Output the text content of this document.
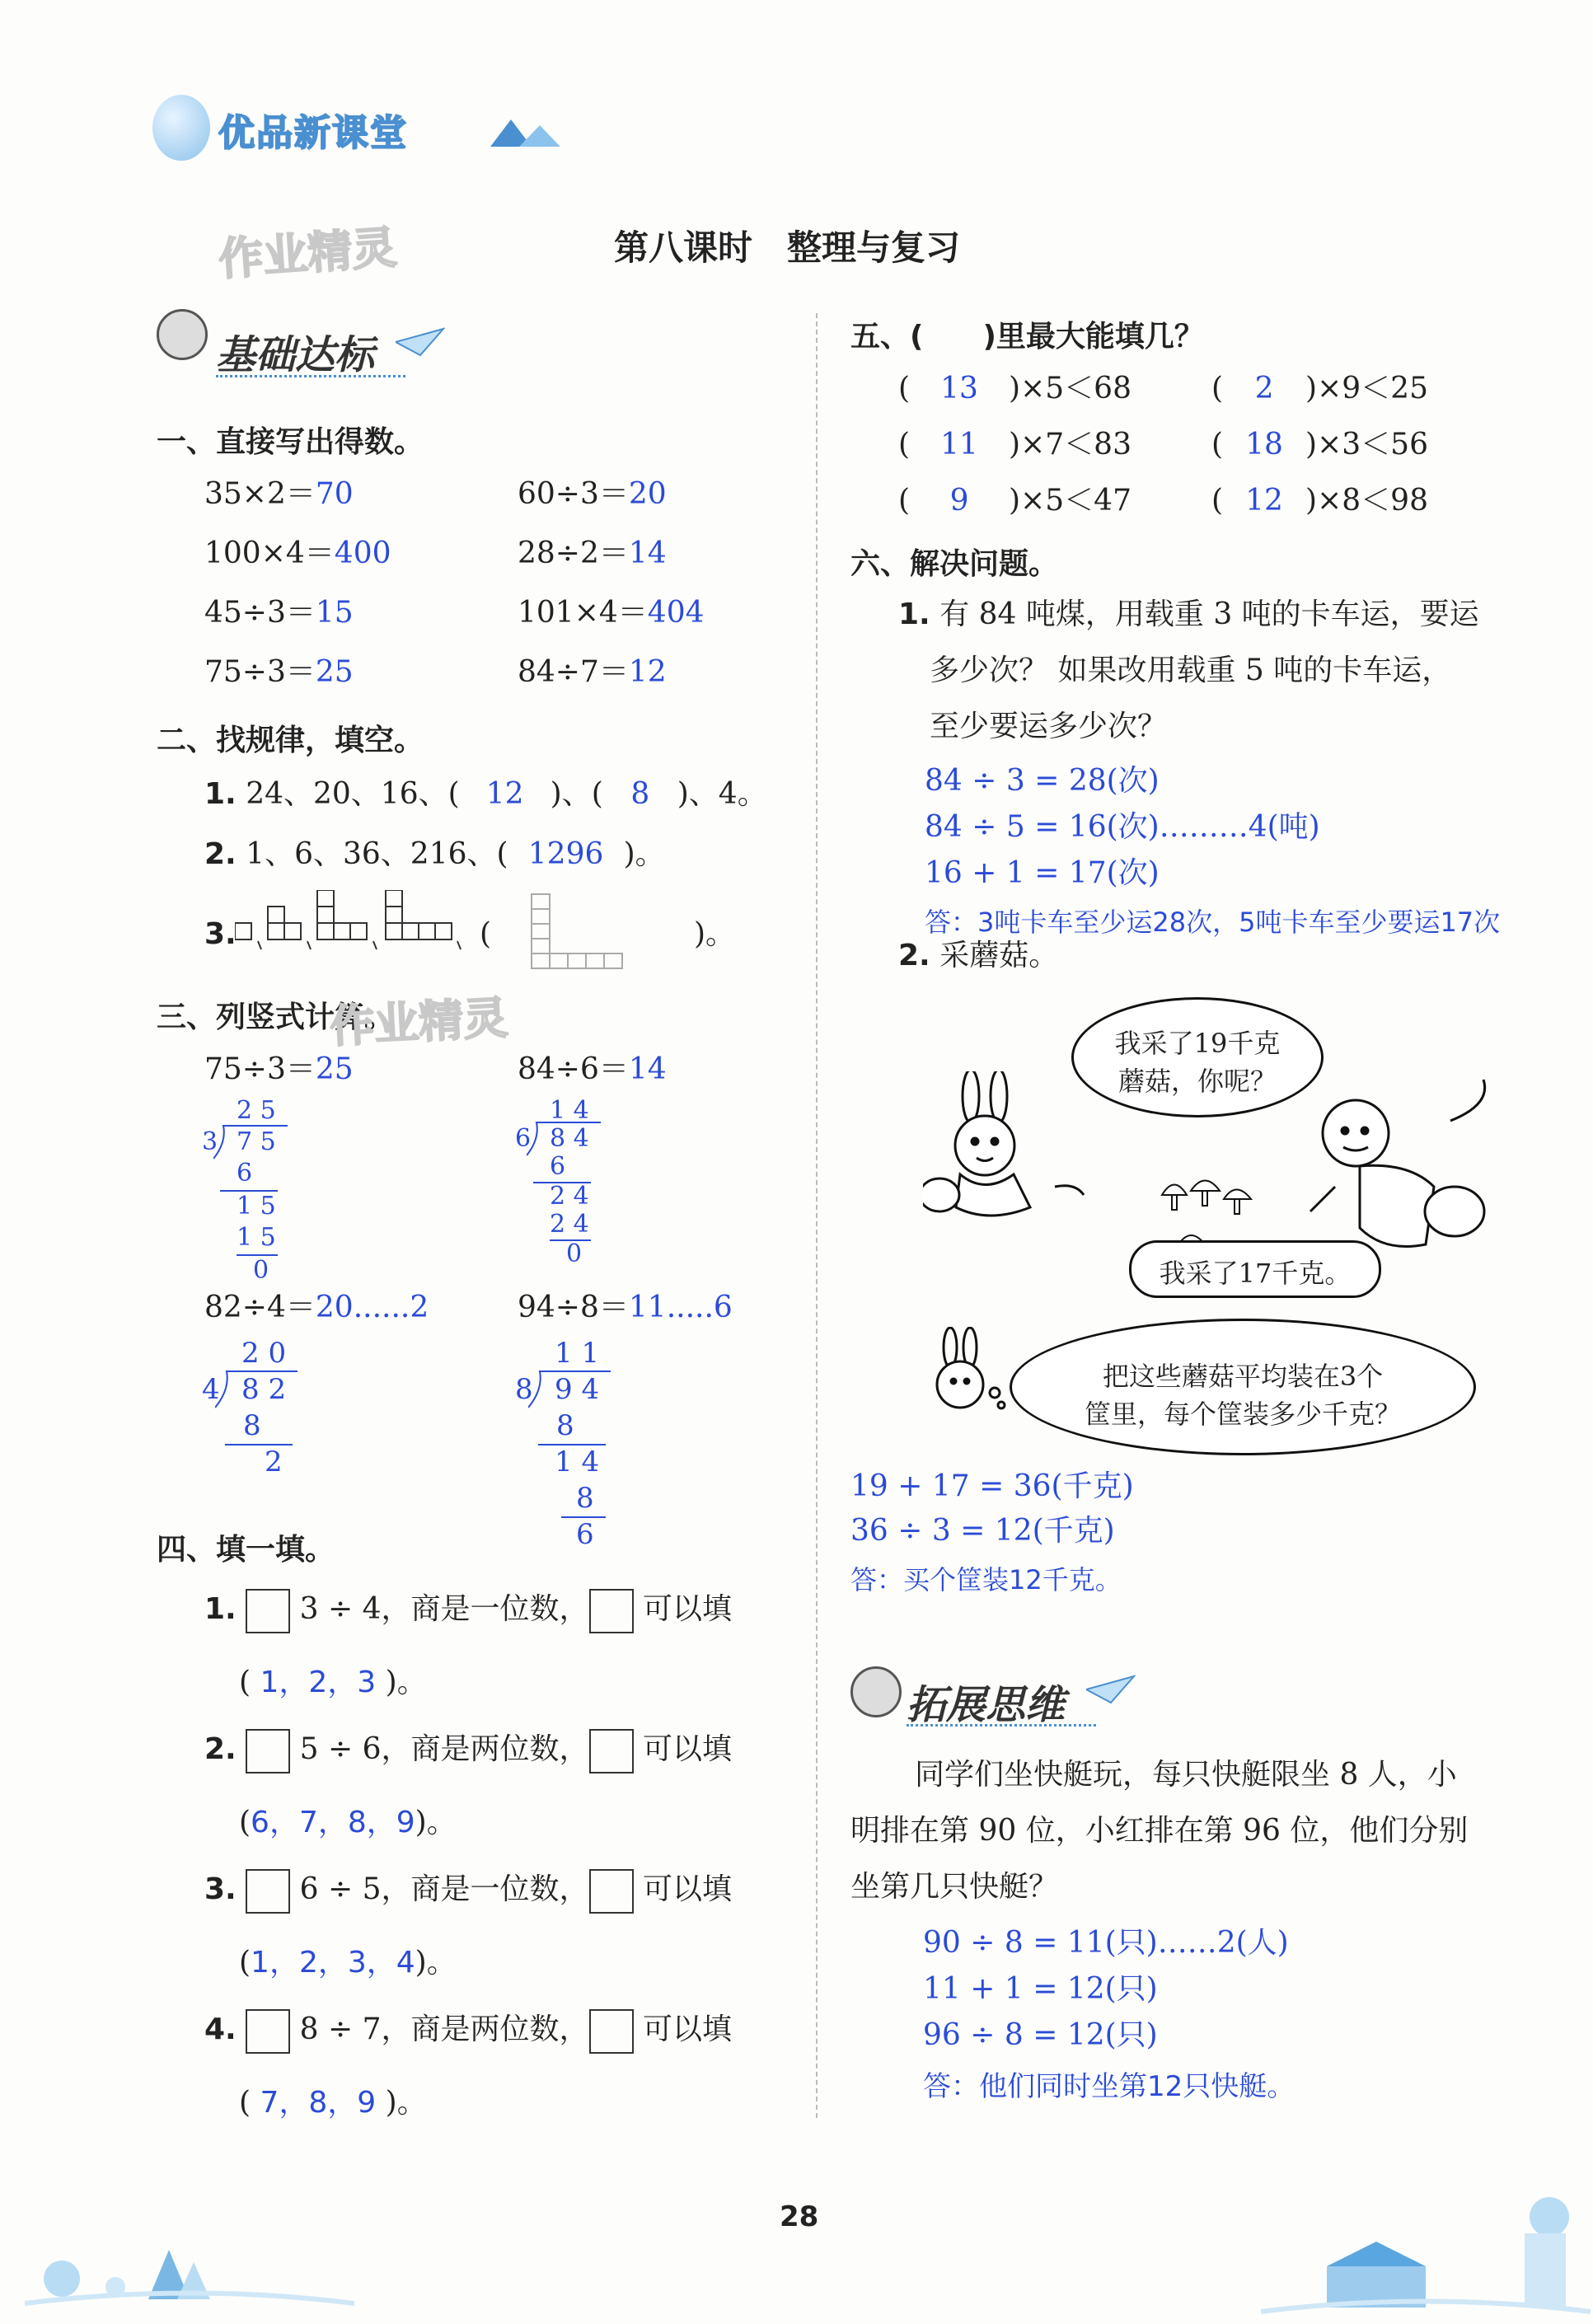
优品新课堂
作业精灵	第八课时　整理与复习
基础达标
一、直接写出得数。
35×2＝70	60÷3＝20
100×4＝400	28÷2＝14
45÷3＝15	101×4＝404
75÷3＝25	84÷7＝12
二、找规律，填空。
1. 24、20、16、( 12 )、( 8 )、4。
2. 1、6、36、216、( 1296 )。
3.	(	)。
三、列竖式计算。
作业精灵
75÷3＝25	84÷6＝14
2 5
3 7 5
6
1 5
1 5
0
1 4
6 8 4
6
2 4
2 4
0
82÷4＝20......2	94÷8＝11.....6
2 0
4 8 2
8
2
1 1
8 9 4
8
1 4
8
6
四、填一填。
1. 3 ÷ 4，商是一位数， 可以填
( 1，2，3 )。
2. 5 ÷ 6，商是两位数， 可以填
(6，7，8，9)。
3. 6 ÷ 5，商是一位数， 可以填
(1，2，3，4)。
4. 8 ÷ 7，商是两位数， 可以填
( 7，8，9 )。
五、(　　)里最大能填几？
( 13 )×5＜68	( 2 )×9＜25
( 11 )×7＜83	( 18 )×3＜56
( 9 )×5＜47	( 12 )×8＜98
六、解决问题。
1. 有 84 吨煤，用载重 3 吨的卡车运，要运
多少次？ 如果改用载重 5 吨的卡车运，
至少要运多少次？
84 ÷ 3 = 28(次)
84 ÷ 5 = 16(次)………4(吨)
16 + 1 = 17(次)
答：3吨卡车至少运28次，5吨卡车至少要运17次
2. 采蘑菇。
我采了19千克
蘑菇，你呢？
我采了17千克。
把这些蘑菇平均装在3个
筐里，每个筐装多少千克？
19 + 17 = 36(千克)
36 ÷ 3 = 12(千克)
答：买个筐装12千克。
拓展思维
同学们坐快艇玩，每只快艇限坐 8 人，小
明排在第 90 位，小红排在第 96 位，他们分别
坐第几只快艇？
90 ÷ 8 = 11(只)……2(人)
11 + 1 = 12(只)
96 ÷ 8 = 12(只)
答：他们同时坐第12只快艇。
28
